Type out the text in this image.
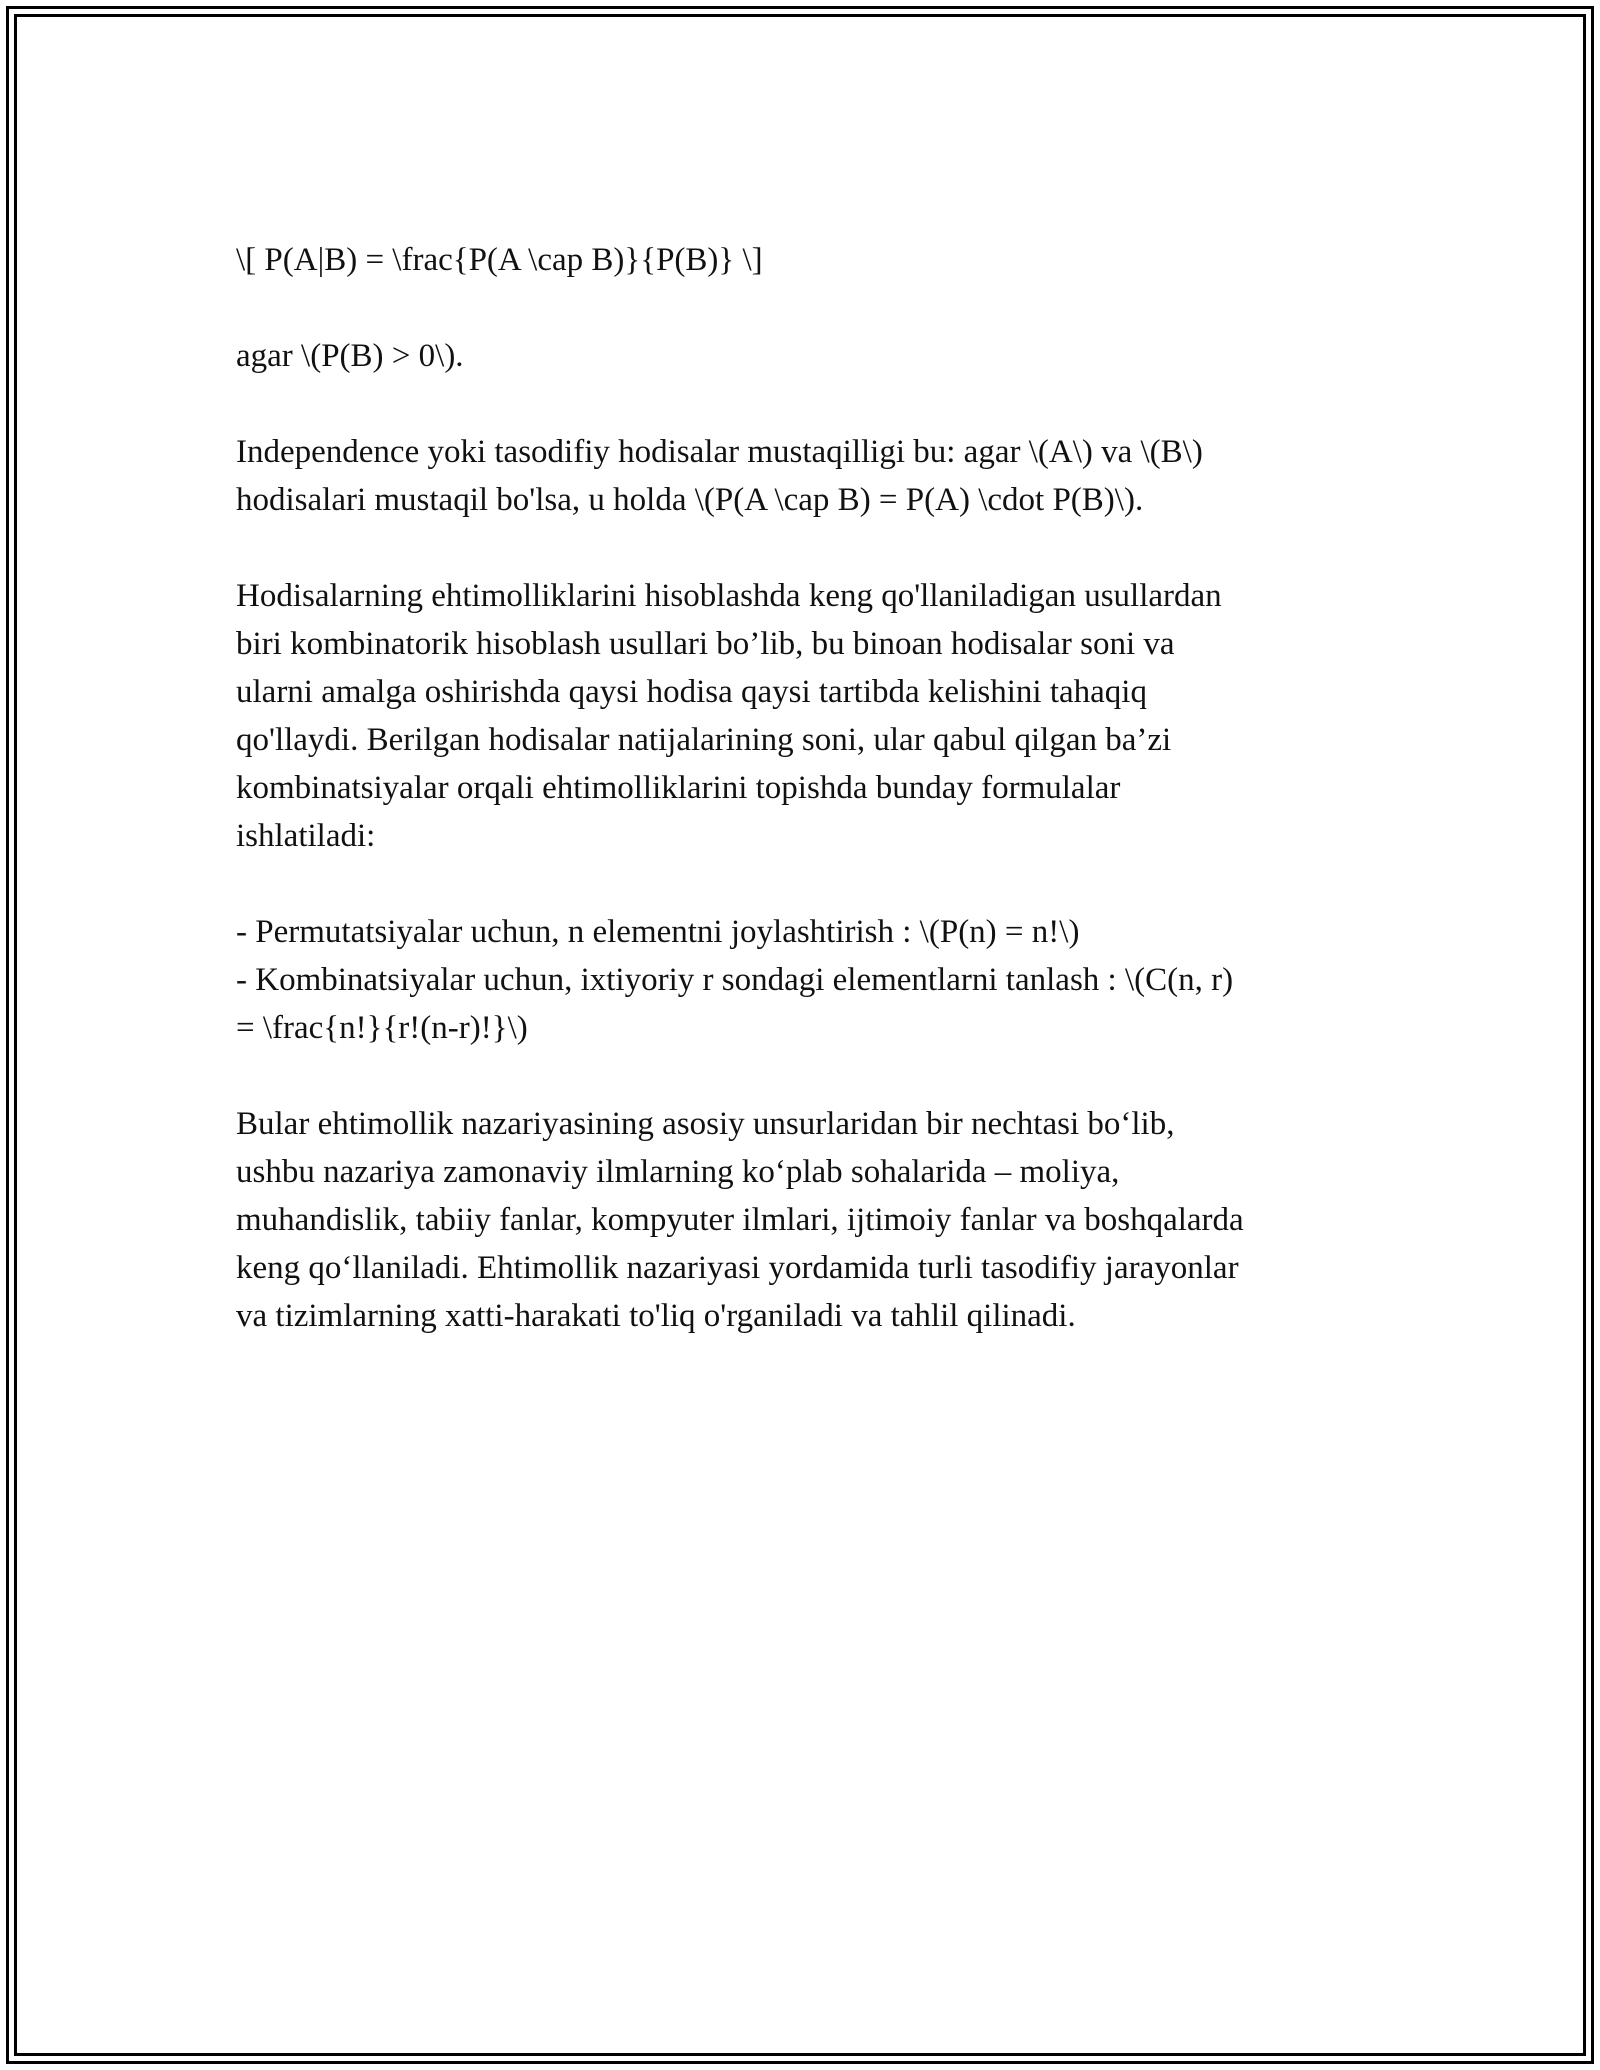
\[ P(A|B) = \frac{P(A \cap B)}{P(B)} \]

agar \(P(B) > 0\).

Independence yoki tasodifiy hodisalar mustaqilligi bu: agar \(A\) va \(B\)
hodisalari mustaqil bo'lsa, u holda \(P(A \cap B) = P(A) \cdot P(B)\).

Hodisalarning ehtimolliklarini hisoblashda keng qo'llaniladigan usullardan
biri kombinatorik hisoblash usullari bo’lib, bu binoan hodisalar soni va
ularni amalga oshirishda qaysi hodisa qaysi tartibda kelishini tahaqiq
qo'llaydi. Berilgan hodisalar natijalarining soni, ular qabul qilgan ba’zi
kombinatsiyalar orqali ehtimolliklarini topishda bunday formulalar
ishlatiladi:

- Permutatsiyalar uchun, n elementni joylashtirish : \(P(n) = n!\)

- Kombinatsiyalar uchun, ixtiyoriy r sondagi elementlarni tanlash : \(C(n, r)
= \frac{n!}{r!(n-r)!}\)

Bular ehtimollik nazariyasining asosiy unsurlaridan bir nechtasi bo‘lib,
ushbu nazariya zamonaviy ilmlarning ko‘plab sohalarida – moliya,
muhandislik, tabiiy fanlar, kompyuter ilmlari, ijtimoiy fanlar va boshqalarda
keng qo‘llaniladi. Ehtimollik nazariyasi yordamida turli tasodifiy jarayonlar
va tizimlarning xatti-harakati to'liq o'rganiladi va tahlil qilinadi.
